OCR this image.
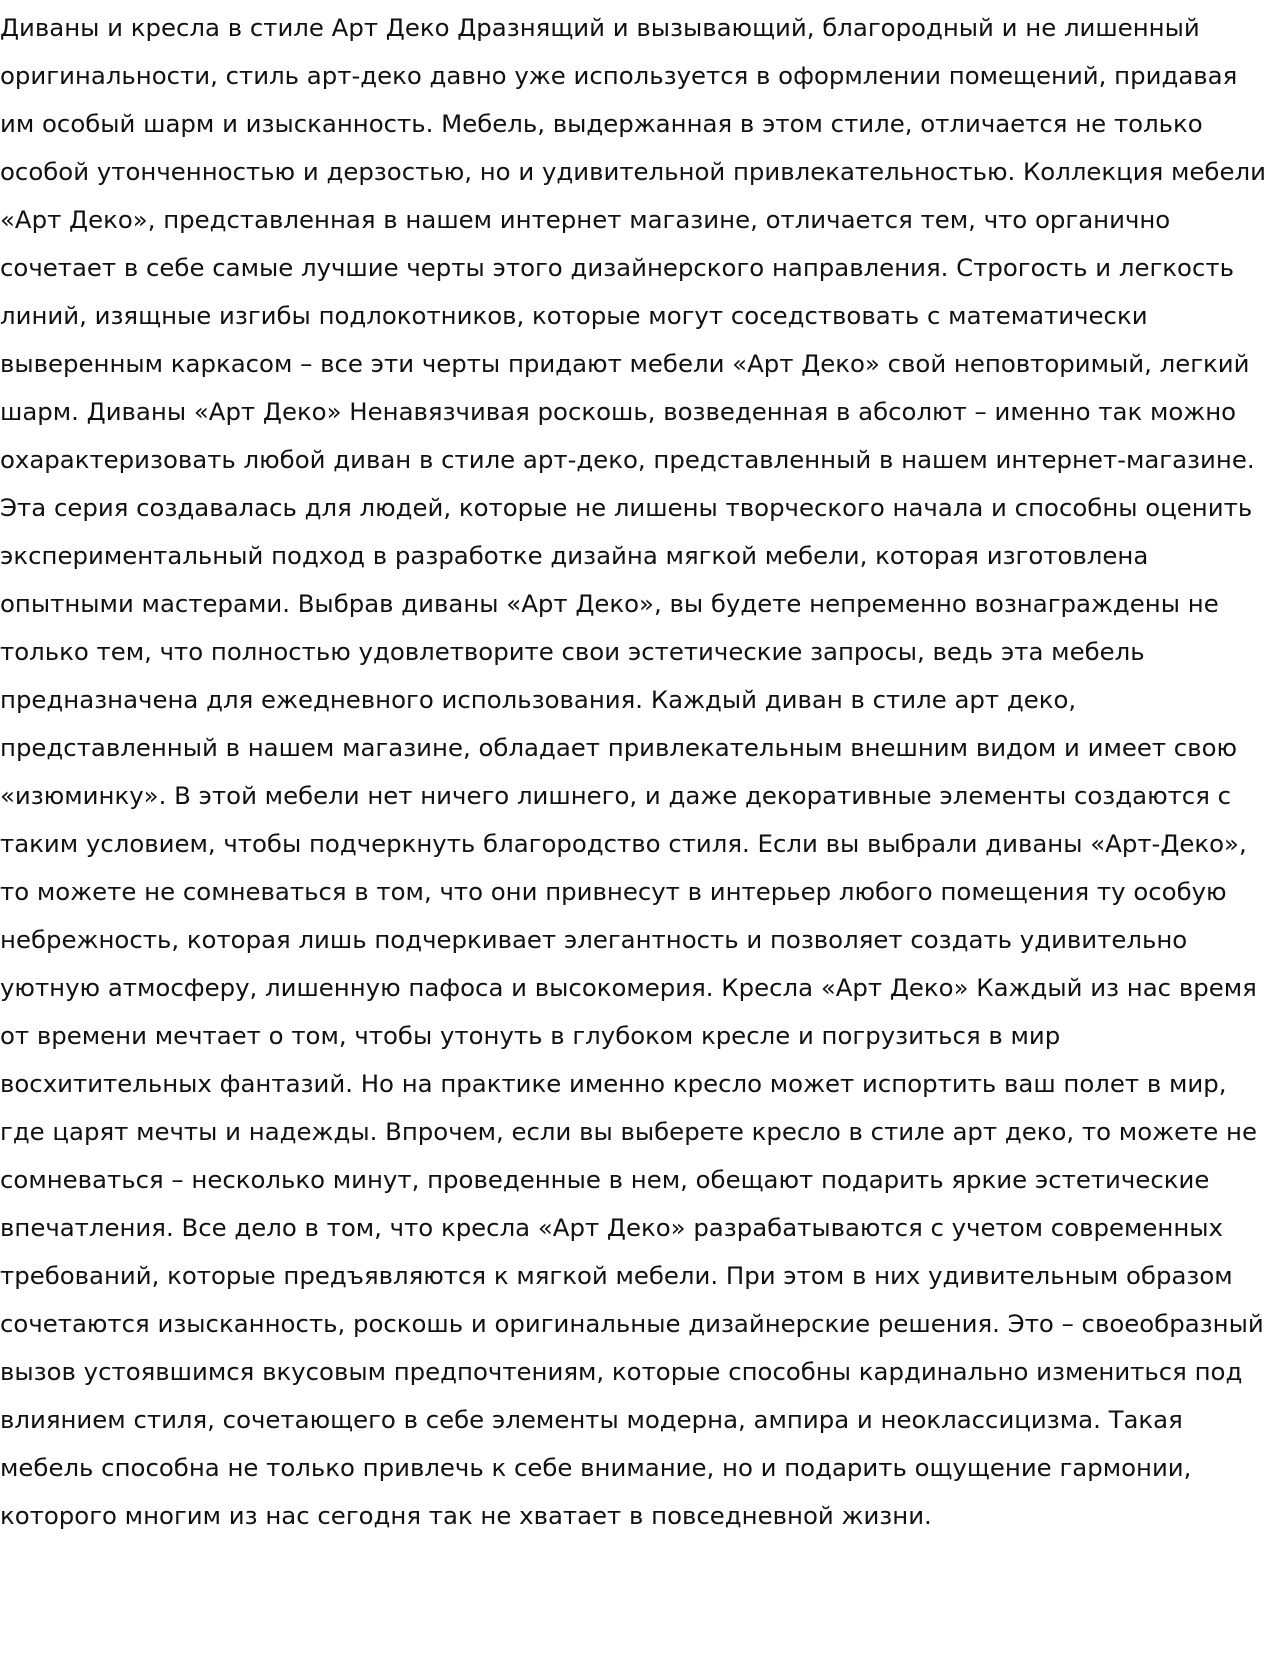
Диваны и кресла в стиле Арт Деко Дразнящий и вызывающий, благородный и не лишенный оригинальности, стиль арт-деко давно уже используется в оформлении помещений, придавая им особый шарм и изысканность. Мебель, выдержанная в этом стиле, отличается не только особой утонченностью и дерзостью, но и удивительной привлекательностью. Коллекция мебели «Арт Деко», представленная в нашем интернет магазине, отличается тем, что органично сочетает в себе самые лучшие черты этого дизайнерского направления. Строгость и легкость линий, изящные изгибы подлокотников, которые могут соседствовать с математически выверенным каркасом – все эти черты придают мебели «Арт Деко» свой неповторимый, легкий шарм. Диваны «Арт Деко» Ненавязчивая роскошь, возведенная в абсолют – именно так можно охарактеризовать любой диван в стиле арт-деко, представленный в нашем интернет-магазине. Эта серия создавалась для людей, которые не лишены творческого начала и способны оценить экспериментальный подход в разработке дизайна мягкой мебели, которая изготовлена опытными мастерами. Выбрав диваны «Арт Деко», вы будете непременно вознаграждены не только тем, что полностью удовлетворите свои эстетические запросы, ведь эта мебель предназначена для ежедневного использования. Каждый диван в стиле арт деко, представленный в нашем магазине, обладает привлекательным внешним видом и имеет свою «изюминку». В этой мебели нет ничего лишнего, и даже декоративные элементы создаются с таким условием, чтобы подчеркнуть благородство стиля. Если вы выбрали диваны «Арт-Деко», то можете не сомневаться в том, что они привнесут в интерьер любого помещения ту особую небрежность, которая лишь подчеркивает элегантность и позволяет создать удивительно уютную атмосферу, лишенную пафоса и высокомерия. Кресла «Арт Деко» Каждый из нас время от времени мечтает о том, чтобы утонуть в глубоком кресле и погрузиться в мир восхитительных фантазий. Но на практике именно кресло может испортить ваш полет в мир, где царят мечты и надежды. Впрочем, если вы выберете кресло в стиле арт деко, то можете не сомневаться – несколько минут, проведенные в нем, обещают подарить яркие эстетические впечатления. Все дело в том, что кресла «Арт Деко» разрабатываются с учетом современных требований, которые предъявляются к мягкой мебели. При этом в них удивительным образом сочетаются изысканность, роскошь и оригинальные дизайнерские решения. Это – своеобразный вызов устоявшимся вкусовым предпочтениям, которые способны кардинально измениться под влиянием стиля, сочетающего в себе элементы модерна, ампира и неоклассицизма. Такая мебель способна не только привлечь к себе внимание, но и подарить ощущение гармонии, которого многим из нас сегодня так не хватает в повседневной жизни.
